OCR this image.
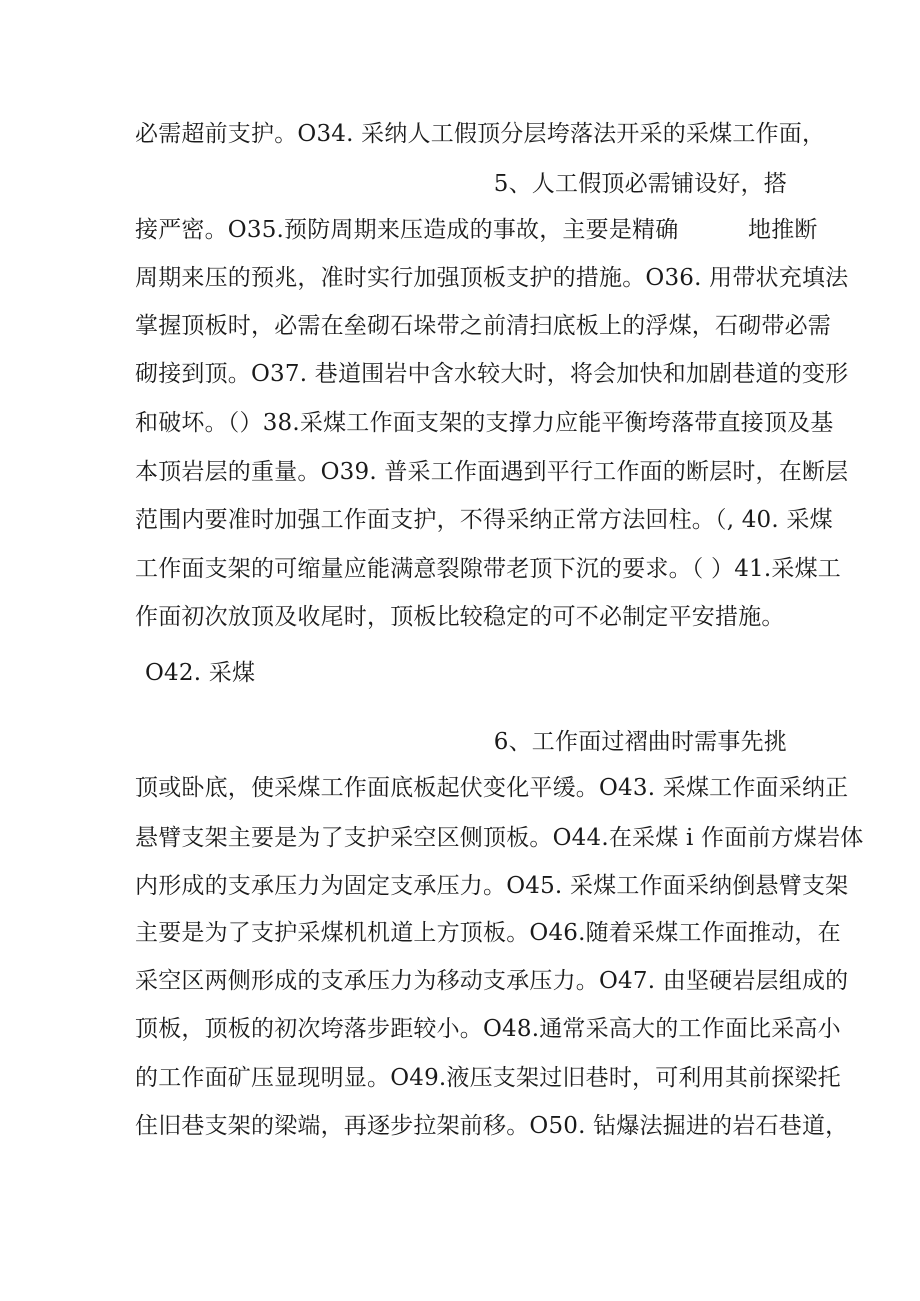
必需超前支护。O34. 采纳人工假顶分层垮落法开采的采煤工作面，
5、人工假顶必需铺设好，搭
接严密。O35.预防周期来压造成的事故，主要是精确　　　地推断
周期来压的预兆，准时实行加强顶板支护的措施。O36. 用带状充填法
掌握顶板时，必需在垒砌石垛带之前清扫底板上的浮煤，石砌带必需
砌接到顶。O37. 巷道围岩中含水较大时，将会加快和加剧巷道的变形
和破坏。（）38.采煤工作面支架的支撑力应能平衡垮落带直接顶及基
本顶岩层的重量。O39. 普采工作面遇到平行工作面的断层时，在断层
范围内要准时加强工作面支护，不得采纳正常方法回柱。（, 40. 采煤
工作面支架的可缩量应能满意裂隙带老顶下沉的要求。（ ）41.采煤工
作面初次放顶及收尾时，顶板比较稳定的可不必制定平安措施。
O42. 采煤
6、工作面过褶曲时需事先挑
顶或卧底，使采煤工作面底板起伏变化平缓。O43. 采煤工作面采纳正
悬臂支架主要是为了支护采空区侧顶板。O44.在采煤 i 作面前方煤岩体
内形成的支承压力为固定支承压力。O45. 采煤工作面采纳倒悬臂支架
主要是为了支护采煤机机道上方顶板。O46.随着采煤工作面推动，在
采空区两侧形成的支承压力为移动支承压力。O47. 由坚硬岩层组成的
顶板，顶板的初次垮落步距较小。O48.通常采高大的工作面比采高小
的工作面矿压显现明显。O49.液压支架过旧巷时，可利用其前探梁托
住旧巷支架的梁端，再逐步拉架前移。O50. 钻爆法掘进的岩石巷道，
